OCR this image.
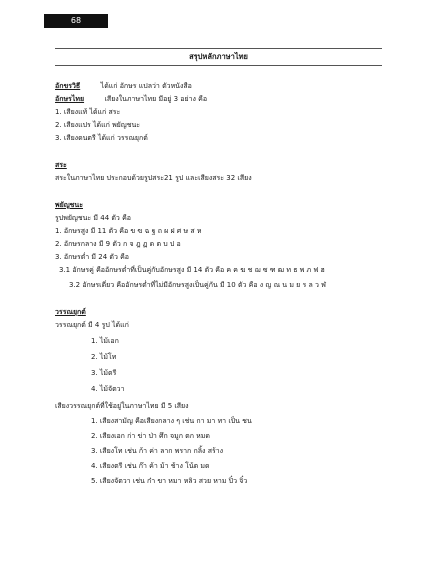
68
สรุปหลักภาษาไทย
อักขรวิธี	ได้แก่ อักษร แปลว่า ตัวหนังสือ
อักษรไทย	เสียงในภาษาไทย มีอยู่ 3 อย่าง คือ
1. เสียงแท้ ได้แก่ สระ
2. เสียงแปร ได้แก่ พยัญชนะ
3. เสียงดนตรี ได้แก่ วรรณยุกต์
สระ
สระในภาษาไทย ประกอบด้วยรูปสระ21 รูป และเสียงสระ 32 เสียง
พยัญชนะ
รูปพยัญชนะ มี 44 ตัว คือ
1. อักษรสูง มี 11 ตัว คือ ข ฃ ฉ ฐ ถ ผ ฝ ศ ษ ส ห
2. อักษรกลาง มี 9 ตัว ก จ ฎ ฏ ด ต บ ป อ
3. อักษรต่ำ มี 24 ตัว คือ
3.1 อักษรคู่ คืออักษรต่ำที่เป็นคู่กับอักษรสูง มี 14 ตัว คือ ค ฅ ฆ ช ฌ ซ ฑ ฒ ท ธ พ ภ ฟ ฮ
3.2 อักษรเดี่ยว คืออักษรต่ำที่ไม่มีอักษรสูงเป็นคู่กัน มี 10 ตัว คือ ง ญ ณ น ม ย ร ล ว ฬ
วรรณยุกต์
วรรณยุกต์ มี 4 รูป ได้แก่
1. ไม้เอก
2. ไม้โท
3. ไม้ตรี
4. ไม้จัตวา
เสียงวรรณยุกต์ที่ใช้อยู่ในภาษาไทย มี 5 เสียง
1. เสียงสามัญ คือเสียงกลาง ๆ เช่น กา มา ทา เป็น ชน
2. เสียงเอก ก่า ข่า ป่า ศึก จมูก ตก หมด
3. เสียงโท เช่น ก้า ค่า ลาก พราก กลิ้ง สร้าง
4. เสียงตรี เช่น ก๊า ค้า ม้า ช้าง โน้ต มด
5. เสียงจัตวา เช่น ก๋า ขา หมา หลิว สวย หาม ปิ๋ว จิ๋ว
